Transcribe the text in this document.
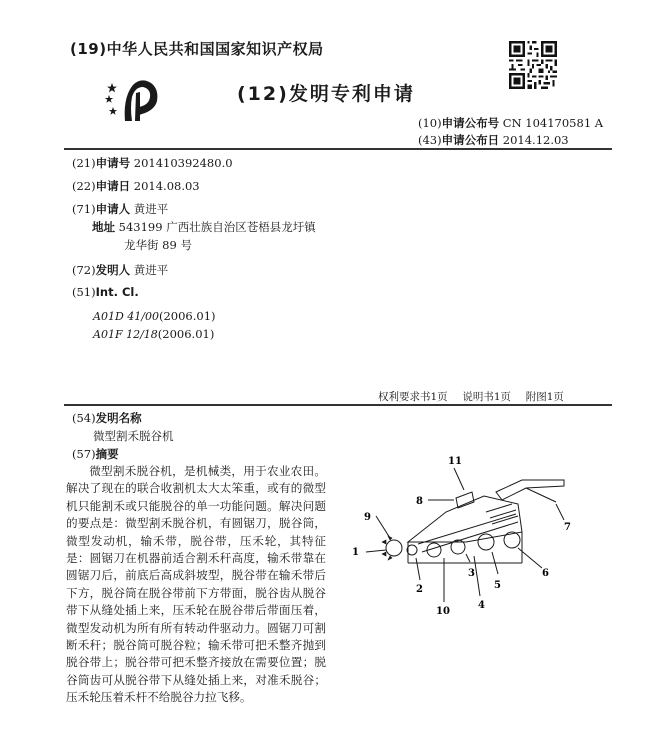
(19)中华人民共和国国家知识产权局
(12)发明专利申请
(10)申请公布号 CN 104170581 A
(43)申请公布日 2014.12.03
(21)申请号 201410392480.0
(22)申请日 2014.08.03
(71)申请人 黄进平
地址 543199 广西壮族自治区苍梧县龙圩镇
龙华街 89 号
(72)发明人 黄进平
(51)Int. Cl.
A01D 41/00(2006.01)
A01F 12/18(2006.01)
权利要求书1页 说明书1页 附图1页
(54)发明名称
微型割禾脱谷机
(57)摘要

微型割禾脱谷机，是机械类，用于农业农田。解决了现在的联合收割机太大太笨重，或有的微型机只能割禾或只能脱谷的单一功能问题。解决问题的要点是：微型割禾脱谷机，有圆锯刀，脱谷筒，微型发动机，输禾带，脱谷带，压禾轮，其特征是：圆锯刀在机器前适合割禾秆高度，输禾带靠在圆锯刀后，前底后高成斜坡型，脱谷带在输禾带后下方，脱谷筒在脱谷带前下方带面，脱谷齿从脱谷带下从缝处插上来，压禾轮在脱谷带后带面压着，微型发动机为所有所有转动件驱动力。圆锯刀可割断禾秆；脱谷筒可脱谷粒；输禾带可把禾整齐抛到脱谷带上；脱谷带可把禾整齐接放在需要位置；脱谷筒齿可从脱谷带下从缝处插上来，对准禾脱谷；压禾轮压着禾杆不给脱谷力拉飞移。

11
8
9
7
1
2
3
5
6
10
4
